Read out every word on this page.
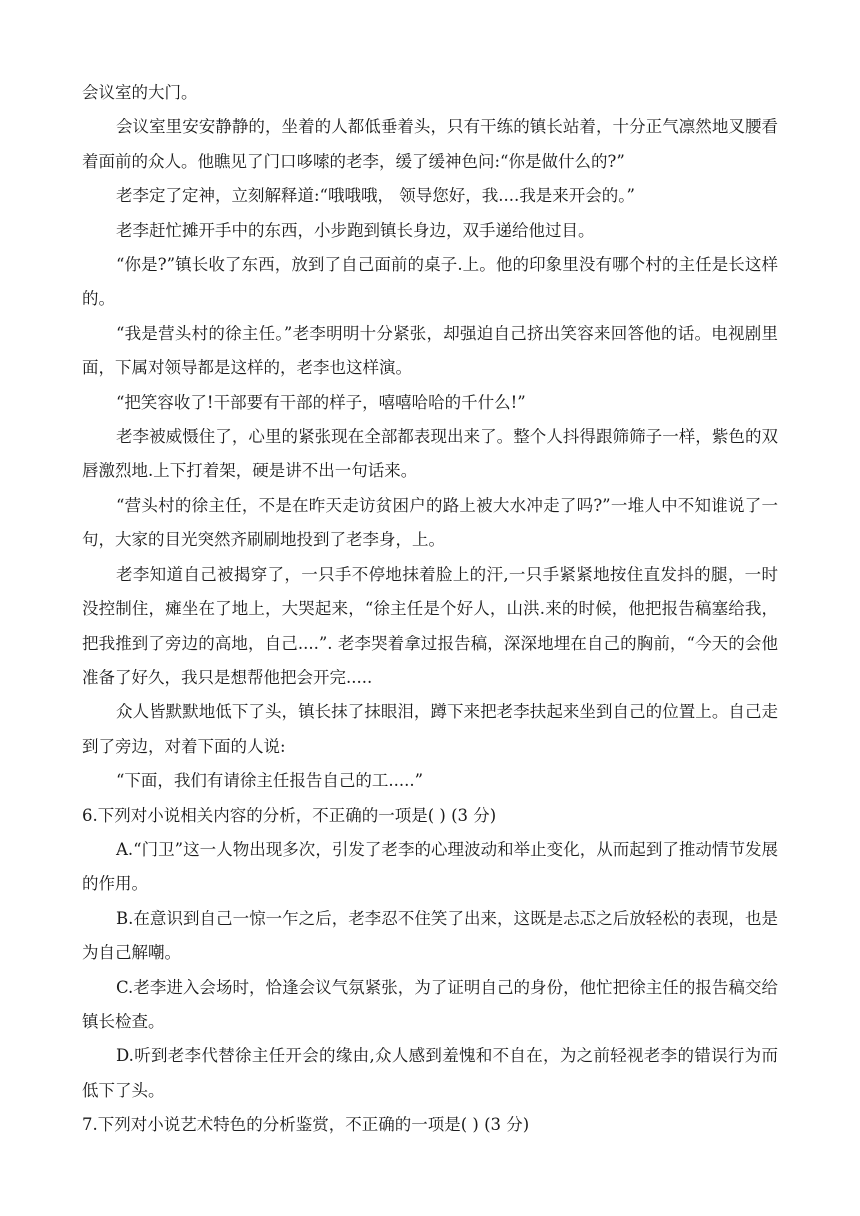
会议室的大门。

会议室里安安静静的，坐着的人都低垂着头，只有干练的镇长站着，十分正气凛然地叉腰看着面前的众人。他瞧见了门口哆嗦的老李，缓了缓神色问:“你是做什么的?”

老李定了定神，立刻解释道:“哦哦哦， 领导您好，我....我是来开会的。”

老李赶忙摊开手中的东西，小步跑到镇长身边，双手递给他过目。

“你是?”镇长收了东西，放到了自己面前的桌子.上。他的印象里没有哪个村的主任是长这样的。

“我是营头村的徐主任。”老李明明十分紧张，却强迫自己挤出笑容来回答他的话。电视剧里面，下属对领导都是这样的，老李也这样演。

“把笑容收了!干部要有干部的样子，嘻嘻哈哈的千什么!”

老李被威慑住了，心里的紧张现在全部都表现出来了。整个人抖得跟筛筛子一样，紫色的双唇激烈地.上下打着架，硬是讲不出一句话来。

“营头村的徐主任，不是在昨天走访贫困户的路上被大水冲走了吗?”一堆人中不知谁说了一句，大家的目光突然齐刷刷地投到了老李身，上。

老李知道自己被揭穿了，一只手不停地抹着脸上的汗,一只手紧紧地按住直发抖的腿，一时没控制住，瘫坐在了地上，大哭起来，“徐主任是个好人，山洪.来的时候，他把报告稿塞给我，把我推到了旁边的高地，自己....”. 老李哭着拿过报告稿，深深地埋在自己的胸前，“今天的会他准备了好久，我只是想帮他把会开完.....

众人皆默默地低下了头，镇长抹了抹眼泪，蹲下来把老李扶起来坐到自己的位置上。自己走到了旁边，对着下面的人说:

“下面，我们有请徐主任报告自己的工.....”

6.下列对小说相关内容的分析，不正确的一项是( ) (3 分)

A.“门卫”这一人物出现多次，引发了老李的心理波动和举止变化，从而起到了推动情节发展的作用。

B.在意识到自己一惊一乍之后，老李忍不住笑了出来，这既是忐忑之后放轻松的表现，也是为自己解嘲。

C.老李进入会场时，恰逢会议气氛紧张，为了证明自己的身份，他忙把徐主任的报告稿交给镇长检查。

D.听到老李代替徐主任开会的缘由,众人感到羞愧和不自在，为之前轻视老李的错误行为而低下了头。

7.下列对小说艺术特色的分析鉴赏，不正确的一项是( ) (3 分)
